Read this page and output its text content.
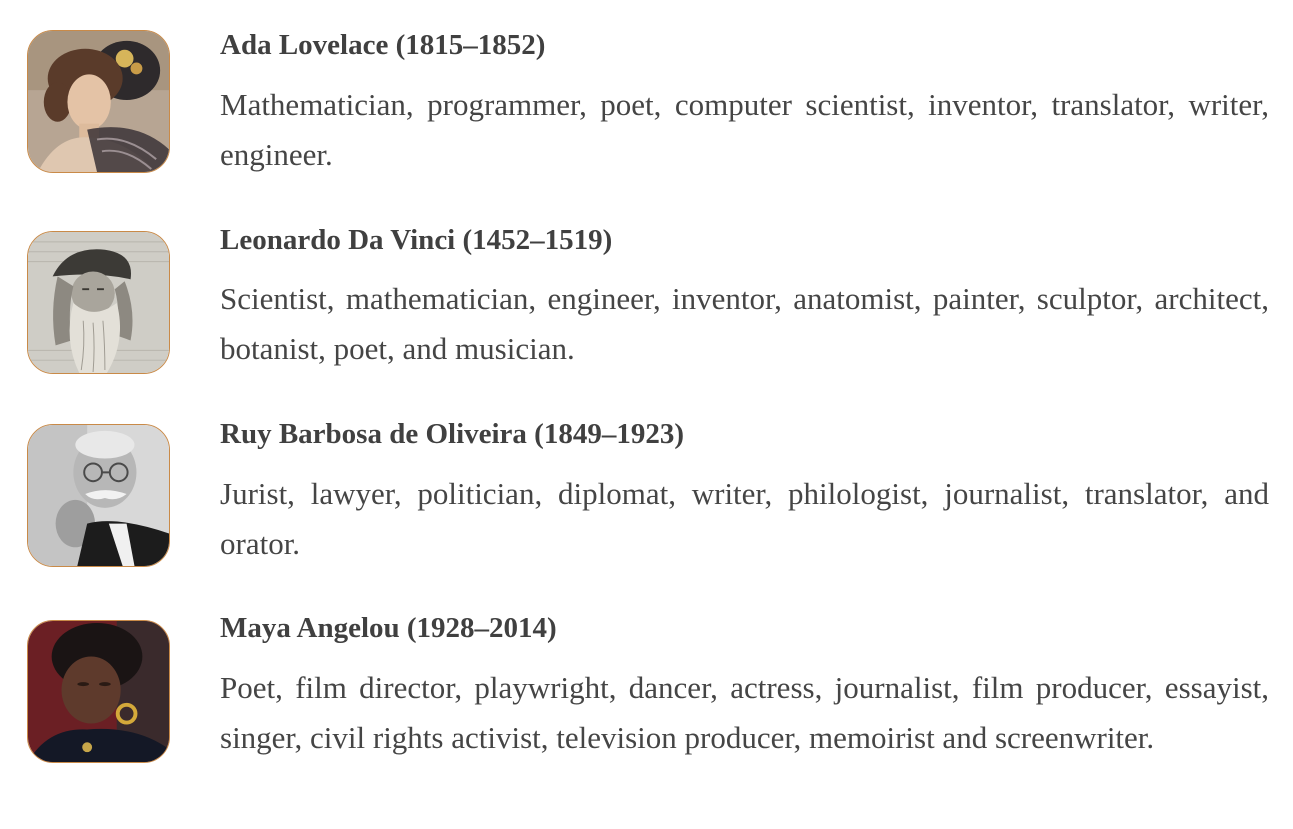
Ada Lovelace (1815–1852)
Mathematician, programmer, poet, computer scientist, inventor, translator, writer, engineer.
Leonardo Da Vinci (1452–1519)
Scientist, mathematician, engineer, inventor, anatomist, painter, sculptor, architect, botanist, poet, and musician.
Ruy Barbosa de Oliveira (1849–1923)
Jurist, lawyer, politician, diplomat, writer, philologist, journalist, translator, and orator.
Maya Angelou (1928–2014)
Poet, film director, playwright, dancer, actress, journalist, film producer, essayist, singer, civil rights activist, television producer, memoirist and screenwriter.
